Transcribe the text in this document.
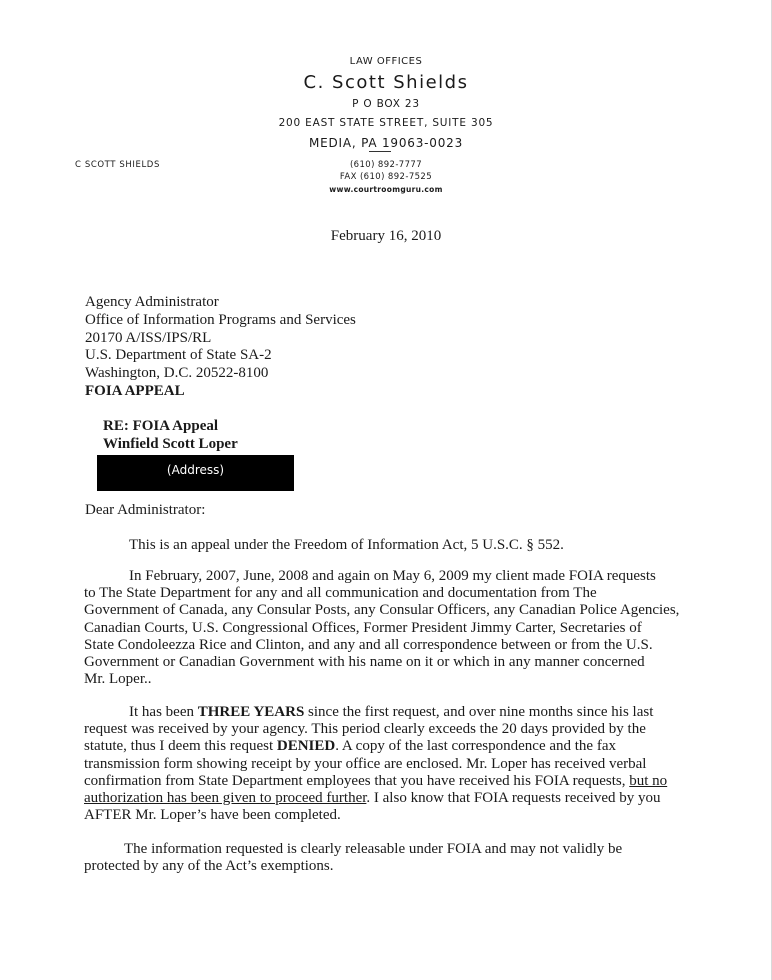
LAW OFFICES
C. Scott Shields
P O BOX 23
200 EAST STATE STREET, SUITE 305
MEDIA, PA 19063-0023
(610) 892-7777
FAX (610) 892-7525
www.courtroomguru.com
C SCOTT SHIELDS
February 16, 2010
Agency Administrator
Office of Information Programs and Services
20170 A/ISS/IPS/RL
U.S. Department of State SA-2
Washington, D.C. 20522-8100
FOIA APPEAL
RE: FOIA Appeal
Winfield Scott Loper
(Address)
Dear Administrator:
This is an appeal under the Freedom of Information Act, 5 U.S.C. § 552.
In February, 2007, June, 2008 and again on May 6, 2009 my client made FOIA requests
to The State Department for any and all communication and documentation from The
Government of Canada, any Consular Posts, any Consular Officers, any Canadian Police Agencies,
Canadian Courts, U.S. Congressional Offices, Former President Jimmy Carter, Secretaries of
State Condoleezza Rice and Clinton, and any and all correspondence between or from the U.S.
Government or Canadian Government with his name on it or which in any manner concerned
Mr. Loper..
It has been THREE YEARS since the first request, and over nine months since his last
request was received by your agency. This period clearly exceeds the 20 days provided by the
statute, thus I deem this request DENIED. A copy of the last correspondence and the fax
transmission form showing receipt by your office are enclosed. Mr. Loper has received verbal
confirmation from State Department employees that you have received his FOIA requests, but no
authorization has been given to proceed further. I also know that FOIA requests received by you
AFTER Mr. Loper’s have been completed.
The information requested is clearly releasable under FOIA and may not validly be
protected by any of the Act’s exemptions.
